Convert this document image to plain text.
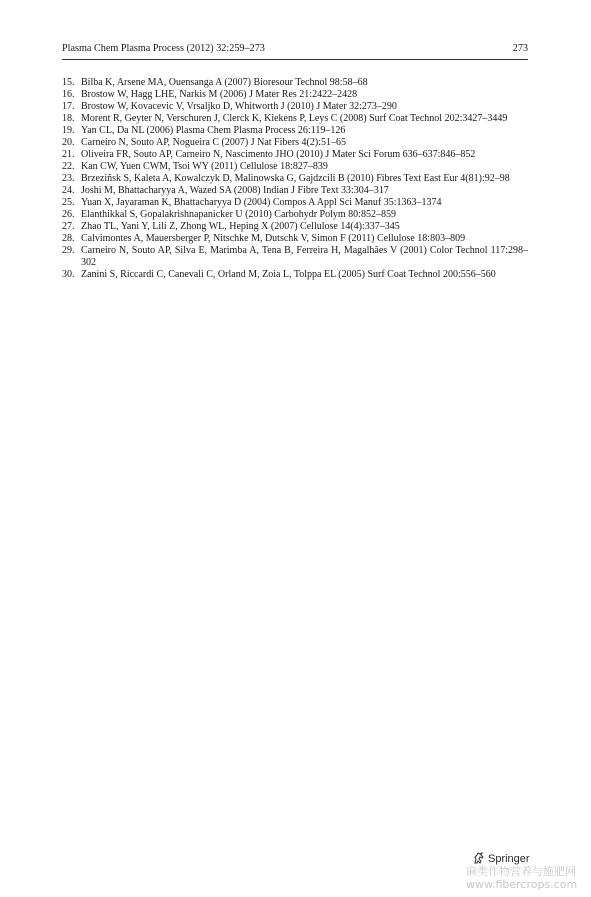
Plasma Chem Plasma Process (2012) 32:259–273	273
15. Bilba K, Arsene MA, Ouensanga A (2007) Bioresour Technol 98:58–68
16. Brostow W, Hagg LHE, Narkis M (2006) J Mater Res 21:2422–2428
17. Brostow W, Kovacevic V, Vrsaljko D, Whitworth J (2010) J Mater 32:273–290
18. Morent R, Geyter N, Verschuren J, Clerck K, Kiekens P, Leys C (2008) Surf Coat Technol 202:3427–3449
19. Yan CL, Da NL (2006) Plasma Chem Plasma Process 26:119–126
20. Carneiro N, Souto AP, Nogueira C (2007) J Nat Fibers 4(2):51–65
21. Oliveira FR, Souto AP, Carneiro N, Nascimento JHO (2010) J Mater Sci Forum 636–637:846–852
22. Kan CW, Yuen CWM, Tsoi WY (2011) Cellulose 18:827–839
23. Brzeziñsk S, Kaleta A, Kowalczyk D, Malinowska G, Gajdzcili B (2010) Fibres Text East Eur 4(81):92–98
24. Joshi M, Bhattacharyya A, Wazed SA (2008) Indian J Fibre Text 33:304–317
25. Yuan X, Jayaraman K, Bhattacharyya D (2004) Compos A Appl Sci Manuf 35:1363–1374
26. Elanthikkal S, Gopalakrishnapanicker U (2010) Carbohydr Polym 80:852–859
27. Zhao TL, Yani Y, Lili Z, Zhong WL, Heping X (2007) Cellulose 14(4):337–345
28. Calvimontes A, Mauersberger P, Nitschke M, Dutschk V, Simon F (2011) Cellulose 18:803–809
29. Carneiro N, Souto AP, Silva E, Marimba A, Tena B, Ferreira H, Magalhães V (2001) Color Technol 117:298–302
30. Zanini S, Riccardi C, Canevali C, Orland M, Zoia L, Tolppa EL (2005) Surf Coat Technol 200:556–560
Springer
麻类作物营养与施肥网
www.fibercrops.com
